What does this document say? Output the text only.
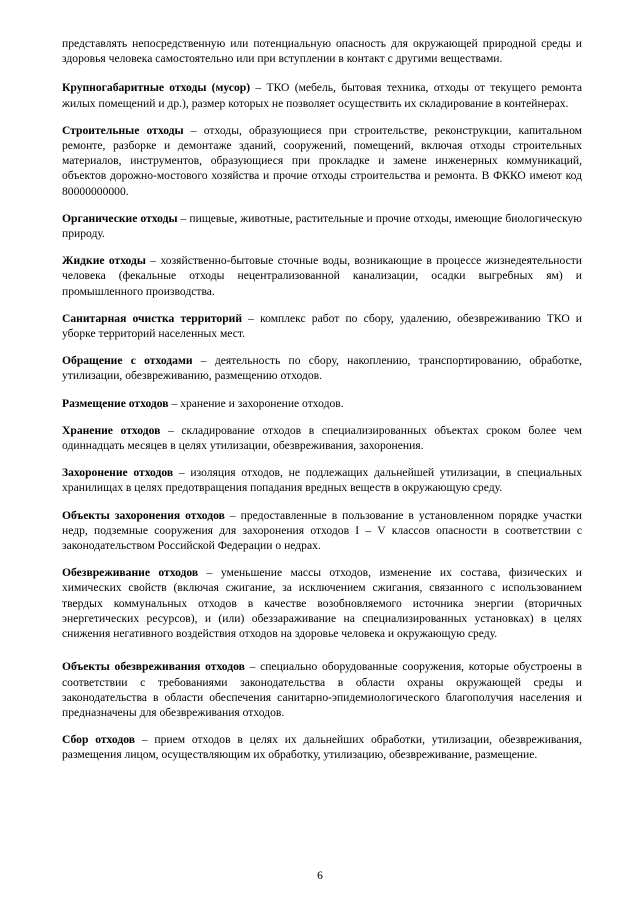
представлять непосредственную или потенциальную опасность для окружающей природной среды и здоровья человека самостоятельно или при вступлении в контакт с другими веществами.

Крупногабаритные отходы (мусор) – ТКО (мебель, бытовая техника, отходы от текущего ремонта жилых помещений и др.), размер которых не позволяет осуществить их складирование в контейнерах.

Строительные отходы – отходы, образующиеся при строительстве, реконструкции, капитальном ремонте, разборке и демонтаже зданий, сооружений, помещений, включая отходы строительных материалов, инструментов, образующиеся при прокладке и замене инженерных коммуникаций, объектов дорожно-мостового хозяйства и прочие отходы строительства и ремонта. В ФККО имеют код 80000000000.

Органические отходы – пищевые, животные, растительные и прочие отходы, имеющие биологическую природу.

Жидкие отходы – хозяйственно-бытовые сточные воды, возникающие в процессе жизнедеятельности человека (фекальные отходы нецентрализованной канализации, осадки выгребных ям) и промышленного производства.

Санитарная очистка территорий – комплекс работ по сбору, удалению, обезвреживанию ТКО и уборке территорий населенных мест.

Обращение с отходами – деятельность по сбору, накоплению, транспортированию, обработке, утилизации, обезвреживанию, размещению отходов.

Размещение отходов – хранение и захоронение отходов.

Хранение отходов – складирование отходов в специализированных объектах сроком более чем одиннадцать месяцев в целях утилизации, обезвреживания, захоронения.

Захоронение отходов – изоляция отходов, не подлежащих дальнейшей утилизации, в специальных хранилищах в целях предотвращения попадания вредных веществ в окружающую среду.

Объекты захоронения отходов – предоставленные в пользование в установленном порядке участки недр, подземные сооружения для захоронения отходов I – V классов опасности в соответствии с законодательством Российской Федерации о недрах.

Обезвреживание отходов – уменьшение массы отходов, изменение их состава, физических и химических свойств (включая сжигание, за исключением сжигания, связанного с использованием твердых коммунальных отходов в качестве возобновляемого источника энергии (вторичных энергетических ресурсов), и (или) обеззараживание на специализированных установках) в целях снижения негативного воздействия отходов на здоровье человека и окружающую среду.

Объекты обезвреживания отходов – специально оборудованные сооружения, которые обустроены в соответствии с требованиями законодательства в области охраны окружающей среды и законодательства в области обеспечения санитарно-эпидемиологического благополучия населения и предназначены для обезвреживания отходов.

Сбор отходов – прием отходов в целях их дальнейших обработки, утилизации, обезвреживания, размещения лицом, осуществляющим их обработку, утилизацию, обезвреживание, размещение.

6
